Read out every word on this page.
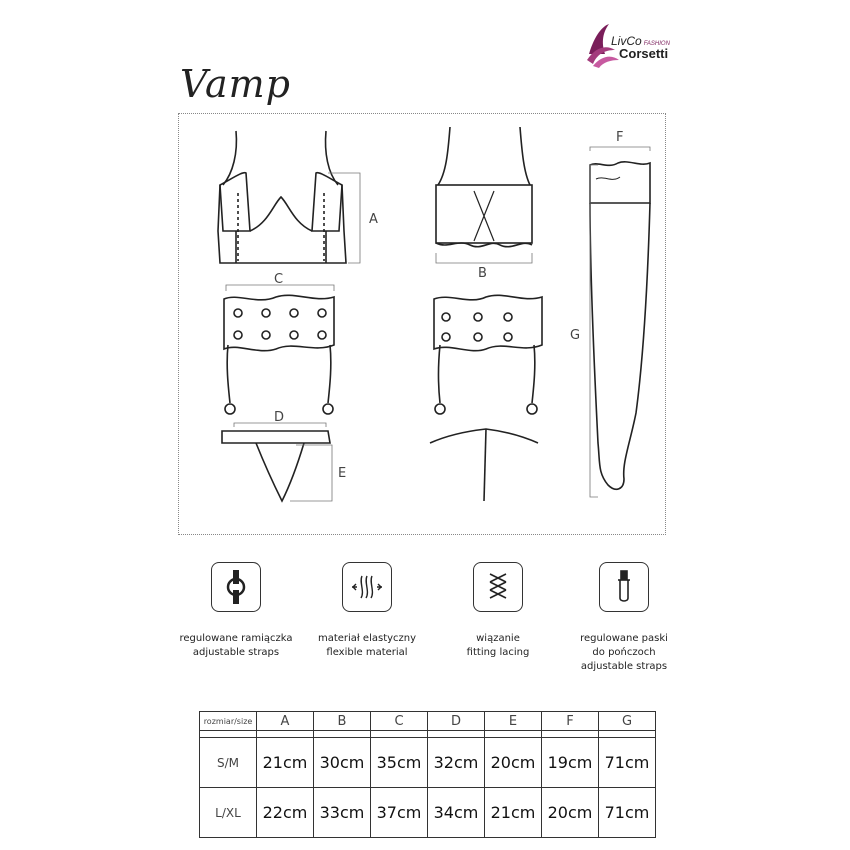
LivCo FASHION
Corsetti
Vamp
A
B
C
D
E
F
G
regulowane ramiączka
adjustable straps
materiał elastyczny
flexible material
wiązanie
fitting lacing
regulowane paski
do pończoch
adjustable straps
rozmiar/size	A	B	C	D	E	F	G

S/M	21cm	30cm	35cm	32cm	20cm	19cm	71cm
L/XL	22cm	33cm	37cm	34cm	21cm	20cm	71cm
